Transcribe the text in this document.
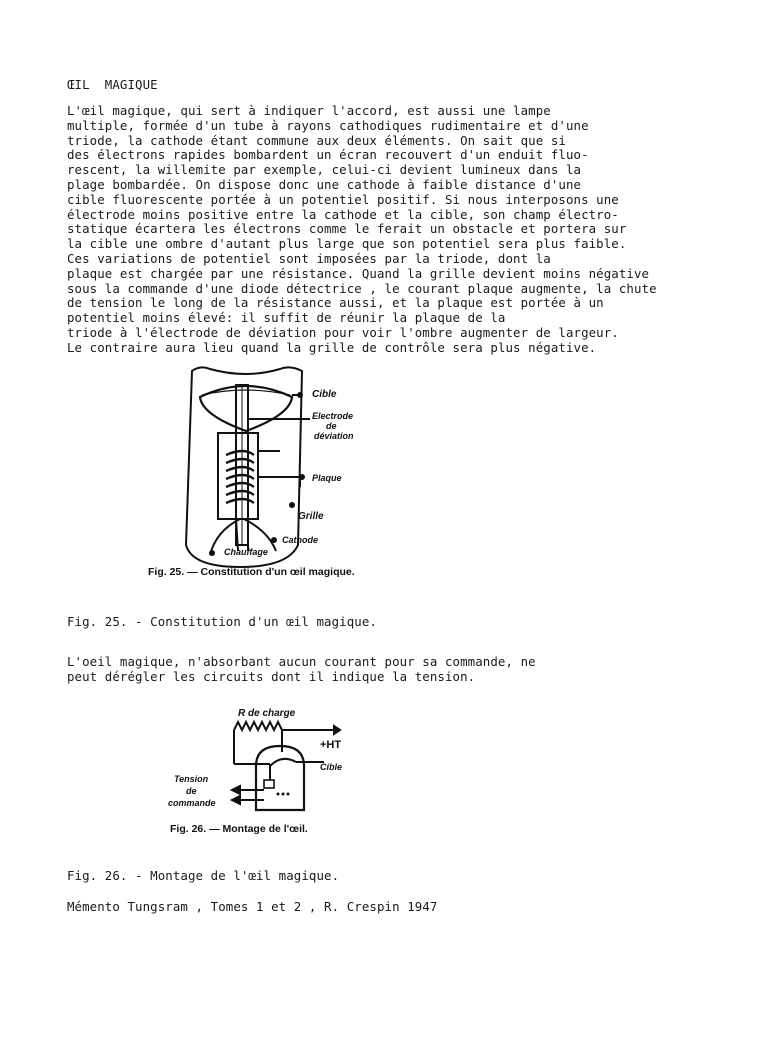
ŒIL  MAGIQUE
L'œil magique, qui sert à indiquer l'accord, est aussi une lampe
multiple, formée d'un tube à rayons cathodiques rudimentaire et d'une
triode, la cathode étant commune aux deux éléments. On sait que si
des électrons rapides bombardent un écran recouvert d'un enduit fluo-
rescent, la willemite par exemple, celui-ci devient lumineux dans la
plage bombardée. On dispose donc une cathode à faible distance d'une
cible fluorescente portée à un potentiel positif. Si nous interposons une
électrode moins positive entre la cathode et la cible, son champ électro-
statique écartera les électrons comme le ferait un obstacle et portera sur
la cible une ombre d'autant plus large que son potentiel sera plus faible.
Ces variations de potentiel sont imposées par la triode, dont la
plaque est chargée par une résistance. Quand la grille devient moins négative
sous la commande d'une diode détectrice , le courant plaque augmente, la chute
de tension le long de la résistance aussi, et la plaque est portée à un
potentiel moins élevé: il suffit de réunir la plaque de la
triode à l'électrode de déviation pour voir l'ombre augmenter de largeur.
Le contraire aura lieu quand la grille de contrôle sera plus négative.
Cible
Electrode
de
déviation
Plaque
Grille
Cathode
Chauffage
Fig. 25. — Constitution d'un œil magique.
Fig. 25. - Constitution d'un œil magique.
L'oeil magique, n'absorbant aucun courant pour sa commande, ne
peut dérégler les circuits dont il indique la tension.
R de charge
+HT
Cible
Tension
de
commande
Fig. 26. — Montage de l'œil.
Fig. 26. - Montage de l'œil magique.
Mémento Tungsram , Tomes 1 et 2 , R. Crespin 1947
